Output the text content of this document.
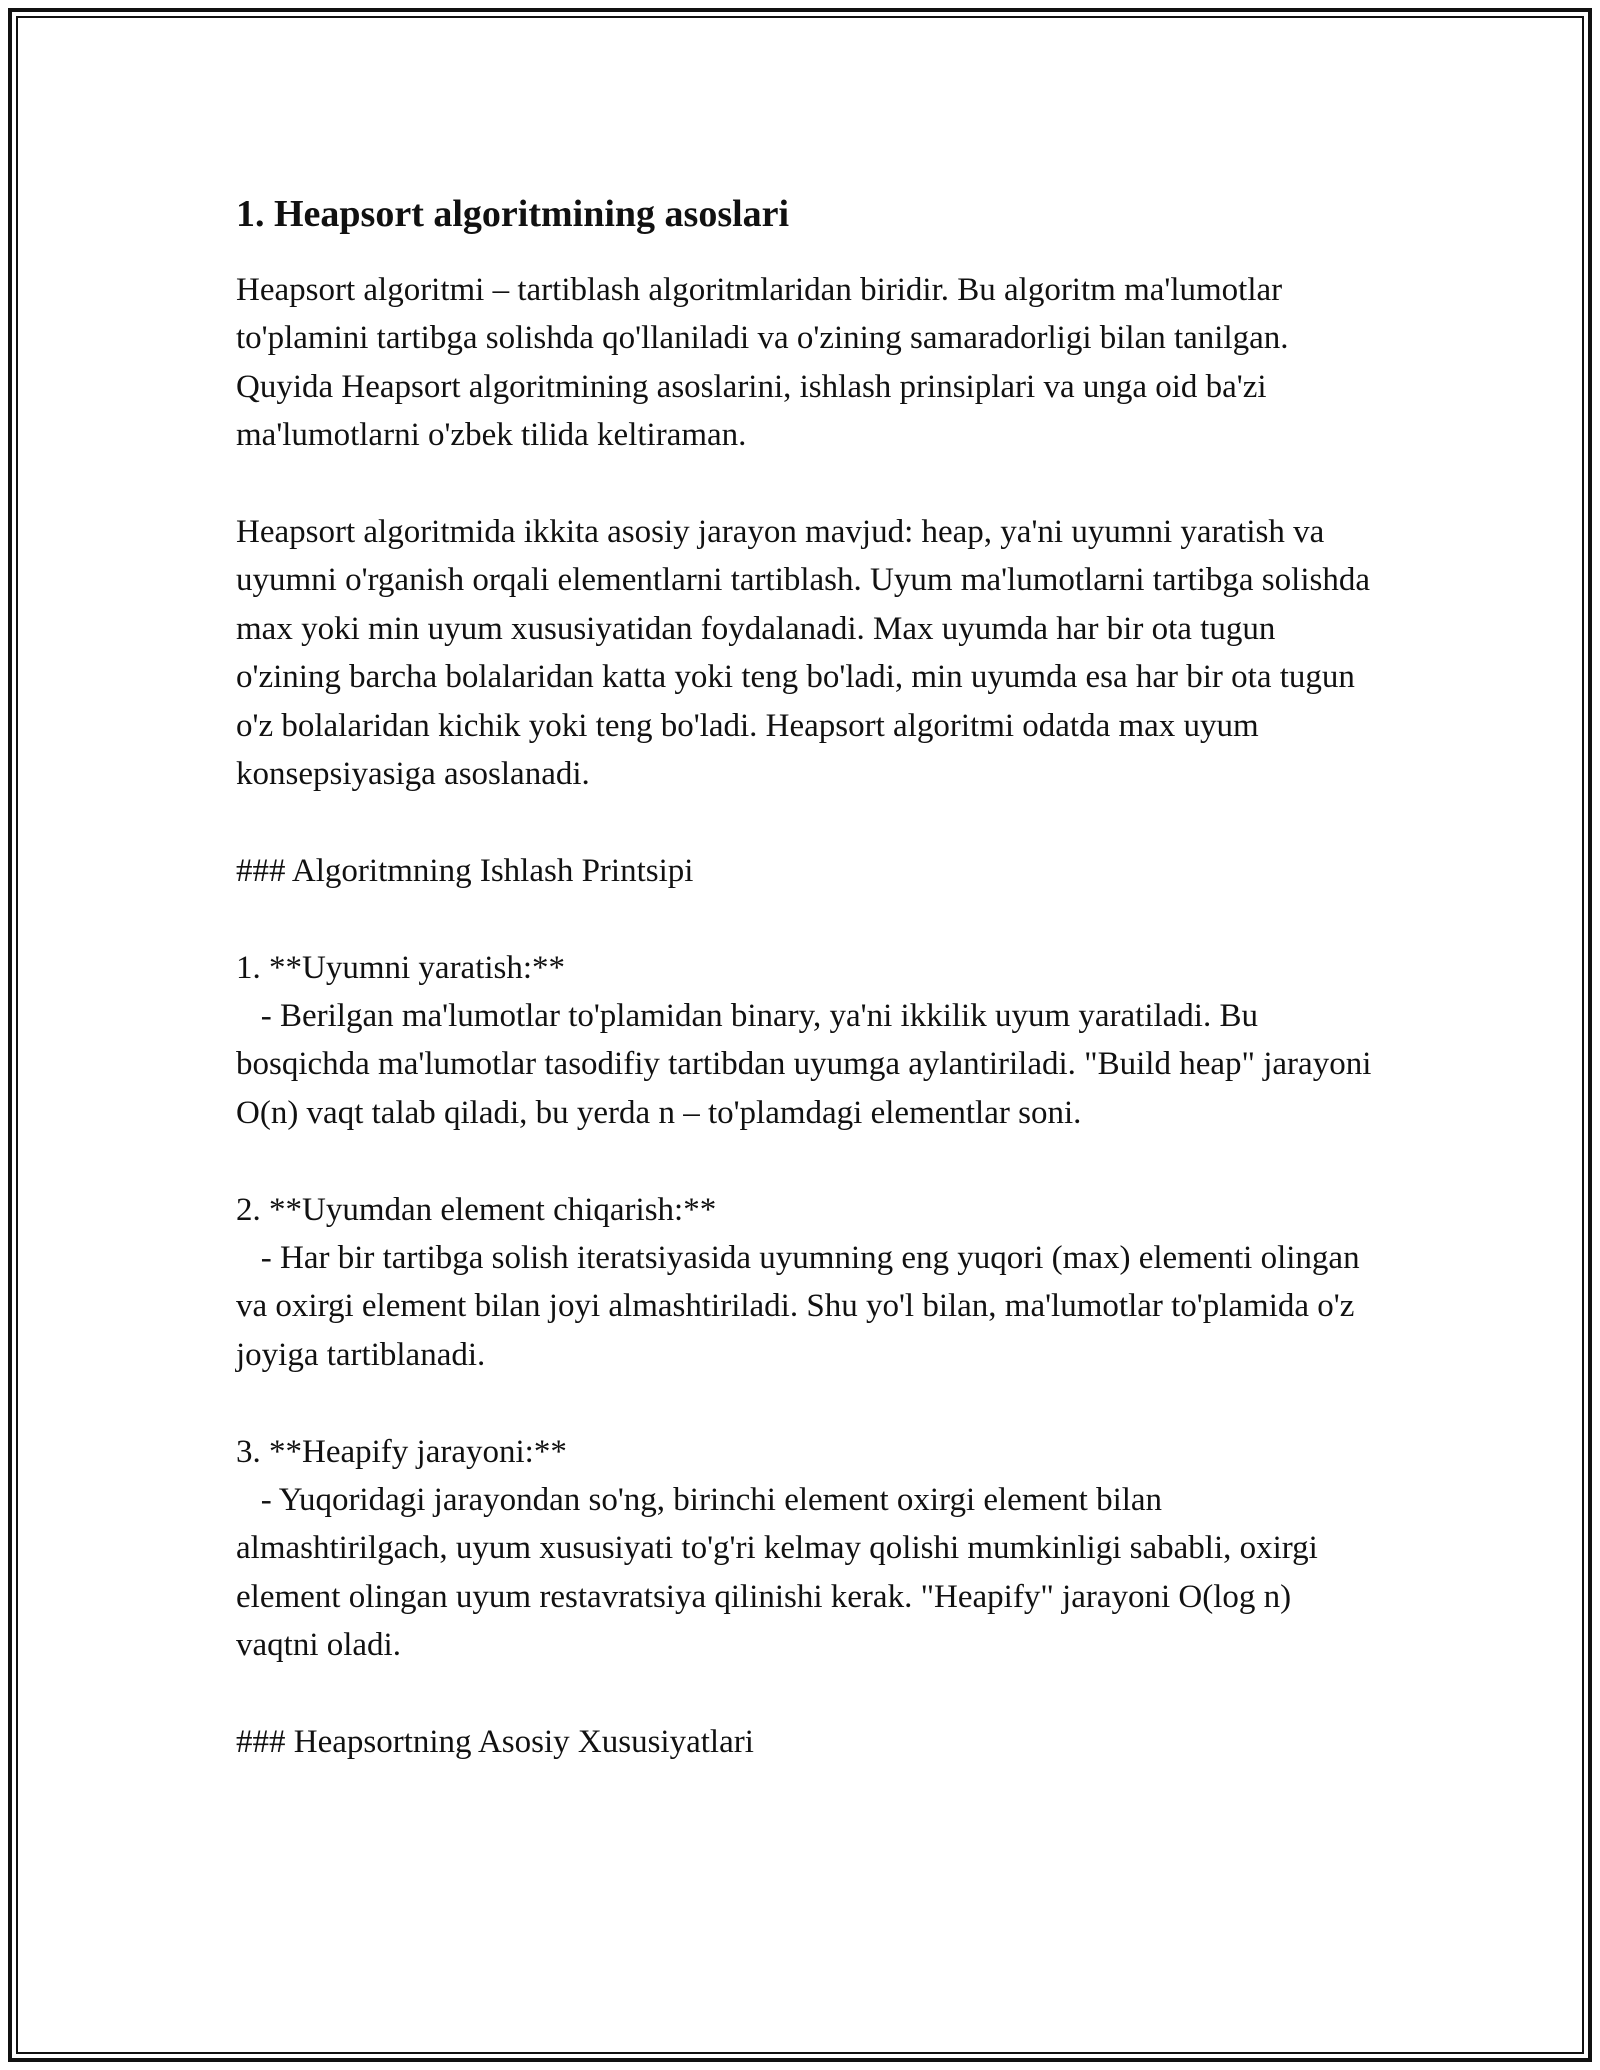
1. Heapsort algoritmining asoslari

Heapsort algoritmi – tartiblash algoritmlaridan biridir. Bu algoritm ma'lumotlar to'plamini tartibga solishda qo'llaniladi va o'zining samaradorligi bilan tanilgan. Quyida Heapsort algoritmining asoslarini, ishlash prinsiplari va unga oid ba'zi ma'lumotlarni o'zbek tilida keltiraman.

Heapsort algoritmida ikkita asosiy jarayon mavjud: heap, ya'ni uyumni yaratish va uyumni o'rganish orqali elementlarni tartiblash. Uyum ma'lumotlarni tartibga solishda max yoki min uyum xususiyatidan foydalanadi. Max uyumda har bir ota tugun o'zining barcha bolalaridan katta yoki teng bo'ladi, min uyumda esa har bir ota tugun o'z bolalaridan kichik yoki teng bo'ladi. Heapsort algoritmi odatda max uyum konsepsiyasiga asoslanadi.

### Algoritmning Ishlash Printsipi

1. **Uyumni yaratish:**

- Berilgan ma'lumotlar to'plamidan binary, ya'ni ikkilik uyum yaratiladi. Bu bosqichda ma'lumotlar tasodifiy tartibdan uyumga aylantiriladi. "Build heap" jarayoni O(n) vaqt talab qiladi, bu yerda n – to'plamdagi elementlar soni.

2. **Uyumdan element chiqarish:**

- Har bir tartibga solish iteratsiyasida uyumning eng yuqori (max) elementi olingan va oxirgi element bilan joyi almashtiriladi. Shu yo'l bilan, ma'lumotlar to'plamida o'z joyiga tartiblanadi.

3. **Heapify jarayoni:**

- Yuqoridagi jarayondan so'ng, birinchi element oxirgi element bilan almashtirilgach, uyum xususiyati to'g'ri kelmay qolishi mumkinligi sababli, oxirgi element olingan uyum restavratsiya qilinishi kerak. "Heapify" jarayoni O(log n) vaqtni oladi.

### Heapsortning Asosiy Xususiyatlari
